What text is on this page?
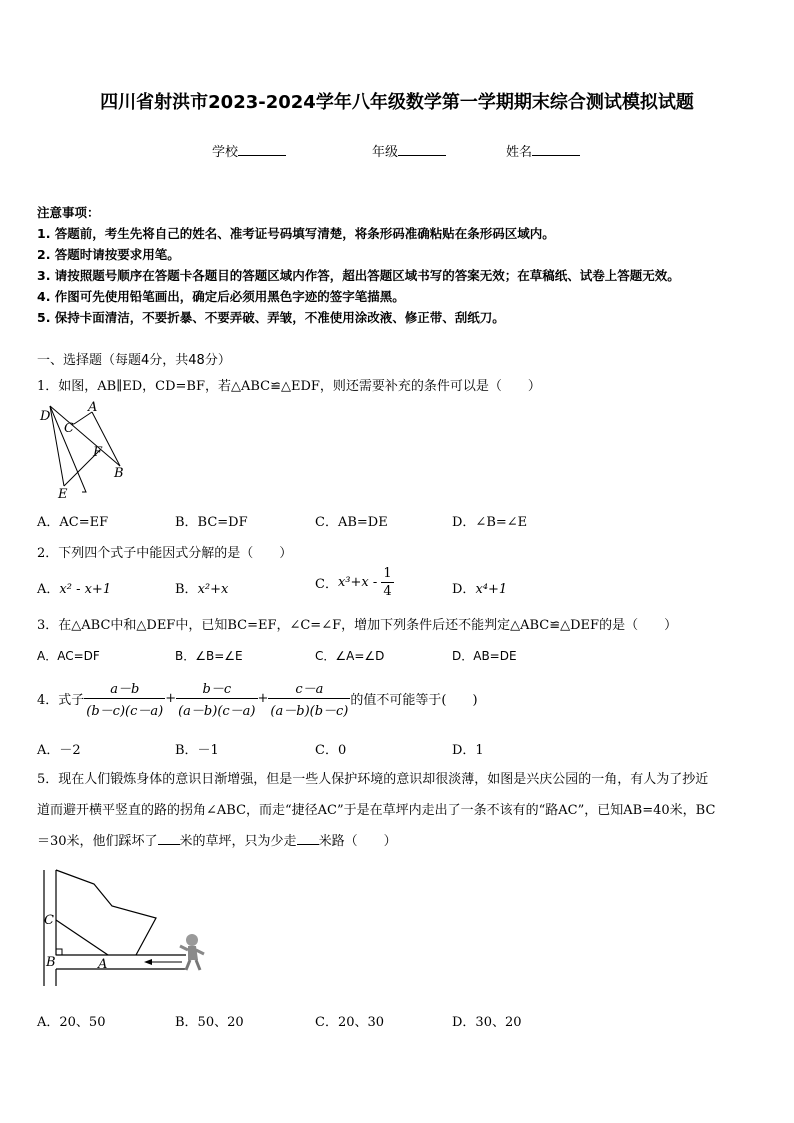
四川省射洪市2023-2024学年八年级数学第一学期期末综合测试模拟试题
学校	年级	姓名
注意事项：
1. 答题前，考生先将自己的姓名、准考证号码填写清楚，将条形码准确粘贴在条形码区域内。
2. 答题时请按要求用笔。
3. 请按照题号顺序在答题卡各题目的答题区域内作答，超出答题区域书写的答案无效；在草稿纸、试卷上答题无效。
4. 作图可先使用铅笔画出，确定后必须用黑色字迹的签字笔描黑。
5. 保持卡面清洁，不要折暴、不要弄破、弄皱，不准使用涂改液、修正带、刮纸刀。
一、选择题（每题4分，共48分）
1．如图，AB∥ED，CD=BF，若△ABC≌△EDF，则还需要补充的条件可以是（　　）
D
A
C
F
B
E
A．AC=EF	B．BC=DF	C．AB=DE	D．∠B=∠E
2．下列四个式子中能因式分解的是（　　）
A．x² - x+1	B．x²+x	C．$x^3+x - \frac{1}{4}$	D．x⁴+1
3．在△ABC中和△DEF中，已知BC=EF，∠C=∠F，增加下列条件后还不能判定△ABC≌△DEF的是（　　）
A．AC=DF	B．∠B=∠E	C．∠A=∠D	D．AB=DE
4．式子 $\frac{a-b}{(b-c)(c-a)} + \frac{b-c}{(a-b)(c-a)} + \frac{c-a}{(a-b)(b-c)}$ 的值不可能等于(　　)
A．－2	B．－1	C．0	D．1
5．现在人们锻炼身体的意识日渐增强，但是一些人保护环境的意识却很淡薄，如图是兴庆公园的一角，有人为了抄近
道而避开横平竖直的路的拐角∠ABC，而走“捷径AC”于是在草坪内走出了一条不该有的“路AC”，已知AB=40米，BC
＝30米，他们踩坏了 米的草坪，只为少走 米路（　　）
C
B	A
A．20、50	B．50、20	C．20、30	D．30、20
